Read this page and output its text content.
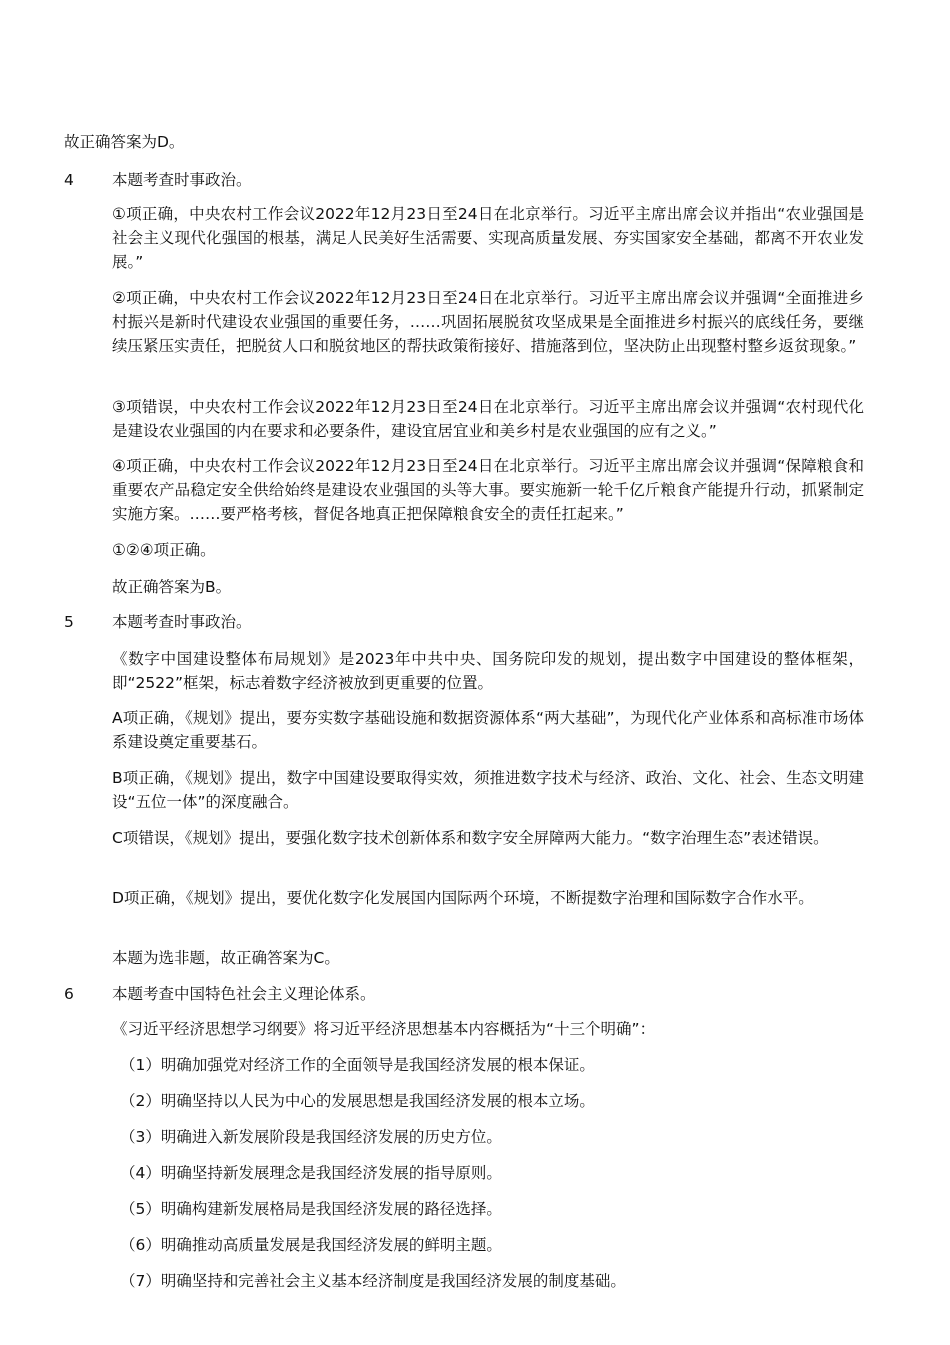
故正确答案为D。

4 本题考查时事政治。

①项正确，中央农村工作会议2022年12月23日至24日在北京举行。习近平主席出席会议并指出“农业强国是社会主义现代化强国的根基，满足人民美好生活需要、实现高质量发展、夯实国家安全基础，都离不开农业发展。”

②项正确，中央农村工作会议2022年12月23日至24日在北京举行。习近平主席出席会议并强调“全面推进乡村振兴是新时代建设农业强国的重要任务，……巩固拓展脱贫攻坚成果是全面推进乡村振兴的底线任务，要继续压紧压实责任，把脱贫人口和脱贫地区的帮扶政策衔接好、措施落到位，坚决防止出现整村整乡返贫现象。”

③项错误，中央农村工作会议2022年12月23日至24日在北京举行。习近平主席出席会议并强调“农村现代化是建设农业强国的内在要求和必要条件，建设宜居宜业和美乡村是农业强国的应有之义。”

④项正确，中央农村工作会议2022年12月23日至24日在北京举行。习近平主席出席会议并强调“保障粮食和重要农产品稳定安全供给始终是建设农业强国的头等大事。要实施新一轮千亿斤粮食产能提升行动，抓紧制定实施方案。……要严格考核，督促各地真正把保障粮食安全的责任扛起来。”

①②④项正确。

故正确答案为B。

5 本题考查时事政治。

《数字中国建设整体布局规划》是2023年中共中央、国务院印发的规划，提出数字中国建设的整体框架，即“2522”框架，标志着数字经济被放到更重要的位置。

A项正确，《规划》提出，要夯实数字基础设施和数据资源体系“两大基础”，为现代化产业体系和高标准市场体系建设奠定重要基石。

B项正确，《规划》提出，数字中国建设要取得实效，须推进数字技术与经济、政治、文化、社会、生态文明建设“五位一体”的深度融合。

C项错误，《规划》提出，要强化数字技术创新体系和数字安全屏障两大能力。“数字治理生态”表述错误。

D项正确，《规划》提出，要优化数字化发展国内国际两个环境，不断提数字治理和国际数字合作水平。

本题为选非题，故正确答案为C。

6 本题考查中国特色社会主义理论体系。

《习近平经济思想学习纲要》将习近平经济思想基本内容概括为“十三个明确”：

（1）明确加强党对经济工作的全面领导是我国经济发展的根本保证。

（2）明确坚持以人民为中心的发展思想是我国经济发展的根本立场。

（3）明确进入新发展阶段是我国经济发展的历史方位。

（4）明确坚持新发展理念是我国经济发展的指导原则。

（5）明确构建新发展格局是我国经济发展的路径选择。

（6）明确推动高质量发展是我国经济发展的鲜明主题。

（7）明确坚持和完善社会主义基本经济制度是我国经济发展的制度基础。
